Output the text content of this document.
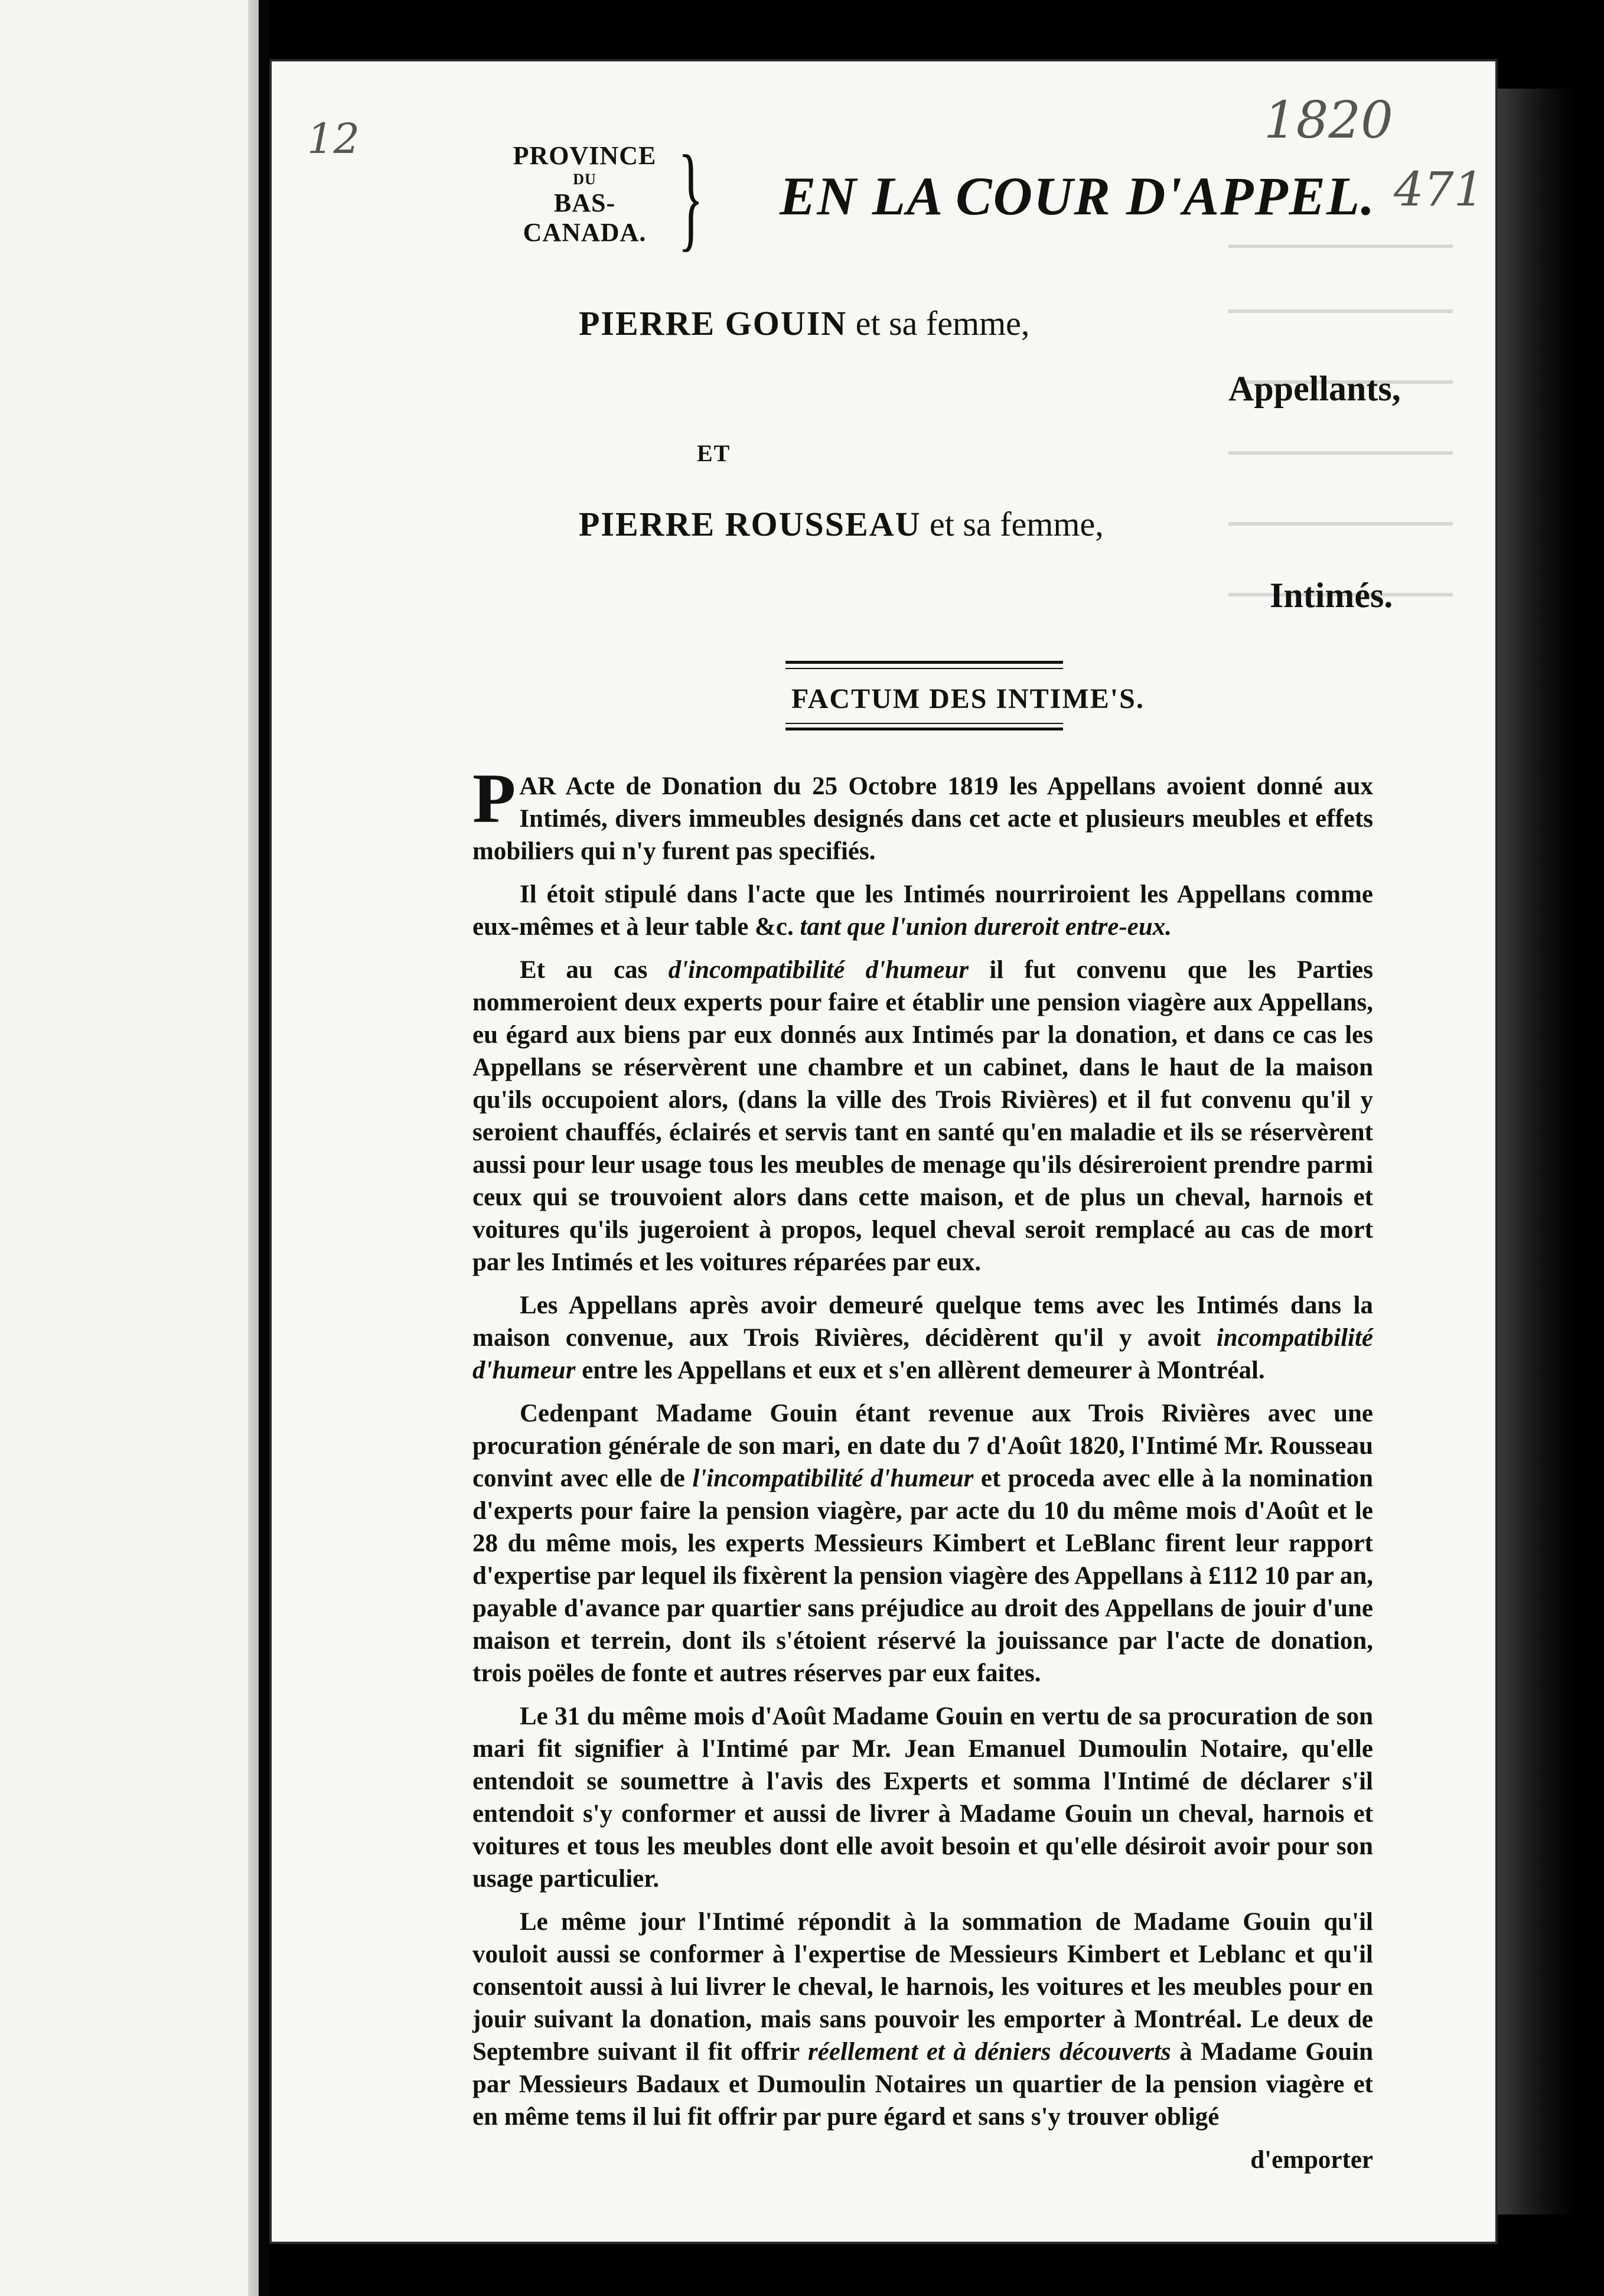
12	1820
471
PROVINCE
DU
BAS-CANADA. } EN LA COUR D'APPEL.
PIERRE GOUIN et sa femme,
Appellants,
ET
PIERRE ROUSSEAU et sa femme,
Intimés.
FACTUM DES INTIME'S.

PAR Acte de Donation du 25 Octobre 1819 les Appellans avoient donné aux Intimés, divers immeubles designés dans cet acte et plusieurs meubles et effets mobiliers qui n'y furent pas specifiés.

Il étoit stipulé dans l'acte que les Intimés nourriroient les Appellans comme eux-mêmes et à leur table &c. tant que l'union dureroit entre-eux.

Et au cas d'incompatibilité d'humeur il fut convenu que les Parties nommeroient deux experts pour faire et établir une pension viagère aux Appellans, eu égard aux biens par eux donnés aux Intimés par la donation, et dans ce cas les Appellans se réservèrent une chambre et un cabinet, dans le haut de la maison qu'ils occupoient alors, (dans la ville des Trois Rivières) et il fut convenu qu'il y seroient chauffés, éclairés et servis tant en santé qu'en maladie et ils se réservèrent aussi pour leur usage tous les meubles de menage qu'ils désireroient prendre parmi ceux qui se trouvoient alors dans cette maison, et de plus un cheval, harnois et voitures qu'ils jugeroient à propos, lequel cheval seroit remplacé au cas de mort par les Intimés et les voitures réparées par eux.

Les Appellans après avoir demeuré quelque tems avec les Intimés dans la maison convenue, aux Trois Rivières, décidèrent qu'il y avoit incompatibilité d'humeur entre les Appellans et eux et s'en allèrent demeurer à Montréal.

Cedenpant Madame Gouin étant revenue aux Trois Rivières avec une procuration générale de son mari, en date du 7 d'Août 1820, l'Intimé Mr. Rousseau convint avec elle de l'incompatibilité d'humeur et proceda avec elle à la nomination d'experts pour faire la pension viagère, par acte du 10 du même mois d'Août et le 28 du même mois, les experts Messieurs Kimbert et LeBlanc firent leur rapport d'expertise par lequel ils fixèrent la pension viagère des Appellans à £112 10 par an, payable d'avance par quartier sans préjudice au droit des Appellans de jouir d'une maison et terrein, dont ils s'étoient réservé la jouissance par l'acte de donation, trois poëles de fonte et autres réserves par eux faites.

Le 31 du même mois d'Août Madame Gouin en vertu de sa procuration de son mari fit signifier à l'Intimé par Mr. Jean Emanuel Dumoulin Notaire, qu'elle entendoit se soumettre à l'avis des Experts et somma l'Intimé de déclarer s'il entendoit s'y conformer et aussi de livrer à Madame Gouin un cheval, harnois et voitures et tous les meubles dont elle avoit besoin et qu'elle désiroit avoir pour son usage particulier.

Le même jour l'Intimé répondit à la sommation de Madame Gouin qu'il vouloit aussi se conformer à l'expertise de Messieurs Kimbert et Leblanc et qu'il consentoit aussi à lui livrer le cheval, le harnois, les voitures et les meubles pour en jouir suivant la donation, mais sans pouvoir les emporter à Montréal. Le deux de Septembre suivant il fit offrir réellement et à déniers découverts à Madame Gouin par Messieurs Badaux et Dumoulin Notaires un quartier de la pension viagère et en même tems il lui fit offrir par pure égard et sans s'y trouver obligé

d'emporter
